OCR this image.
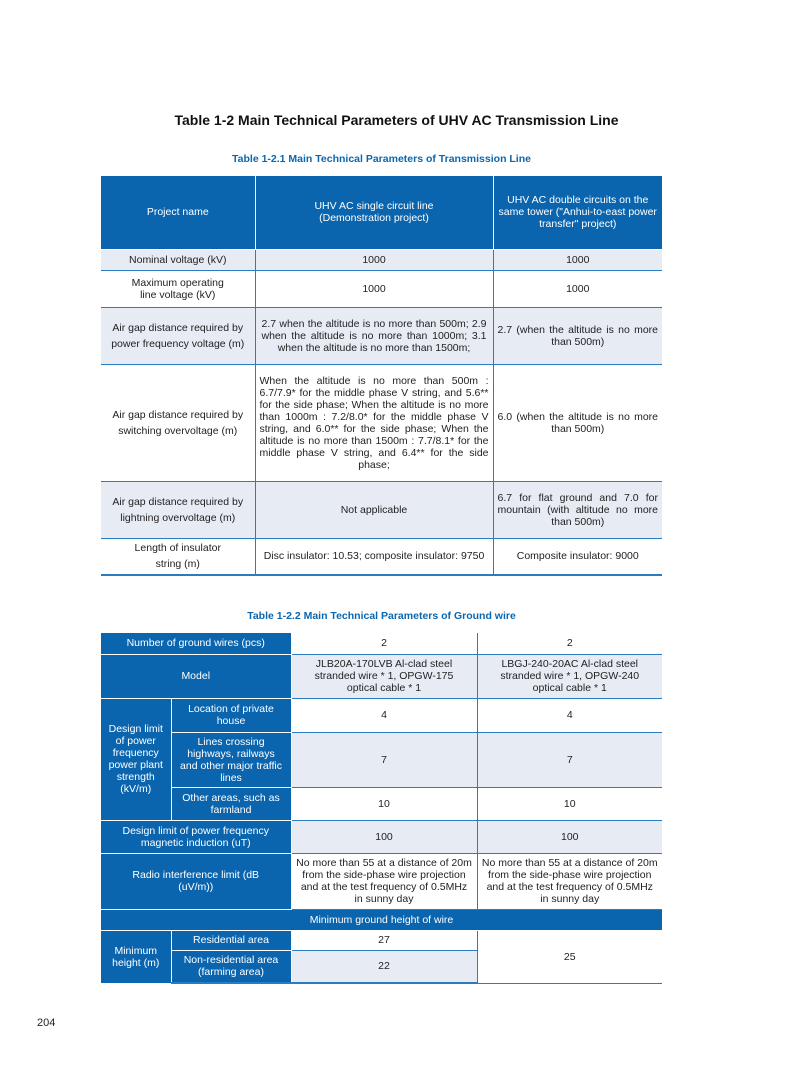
Table 1-2 Main Technical Parameters of UHV AC Transmission Line
Table 1-2.1 Main Technical Parameters of Transmission Line
Project name	UHV AC single circuit line (Demonstration project)	UHV AC double circuits on the same tower ("Anhui-to-east power transfer" project)
Nominal voltage (kV)	1000	1000
Maximum operating line voltage (kV)	1000	1000
Air gap distance required by power frequency voltage (m)	2.7 when the altitude is no more than 500m; 2.9 when the altitude is no more than 1000m; 3.1 when the altitude is no more than 1500m;	2.7 (when the altitude is no more than 500m)
Air gap distance required by switching overvoltage (m)	When the altitude is no more than 500m : 6.7/7.9* for the middle phase V string, and 5.6** for the side phase; When the altitude is no more than 1000m : 7.2/8.0* for the middle phase V string, and 6.0** for the side phase; When the altitude is no more than 1500m : 7.7/8.1* for the middle phase V string, and 6.4** for the side phase;	6.0 (when the altitude is no more than 500m)
Air gap distance required by lightning overvoltage (m)	Not applicable	6.7 for flat ground and 7.0 for mountain (with altitude no more than 500m)
Length of insulator string (m)	Disc insulator: 10.53; composite insulator: 9750	Composite insulator: 9000
Table 1-2.2 Main Technical Parameters of Ground wire
Number of ground wires (pcs)		2	2
Model		JLB20A-170LVB Al-clad steel stranded wire * 1, OPGW-175 optical cable * 1	LBGJ-240-20AC Al-clad steel stranded wire * 1, OPGW-240 optical cable * 1
Design limit of power frequency power plant strength (kV/m)	Location of private house	4	4
	Lines crossing highways, railways and other major traffic lines	7	7
	Other areas, such as farmland	10	10
Design limit of power frequency magnetic induction (uT)		100	100
Radio interference limit (dB (uV/m))		No more than 55 at a distance of 20m from the side-phase wire projection and at the test frequency of 0.5MHz in sunny day	No more than 55 at a distance of 20m from the side-phase wire projection and at the test frequency of 0.5MHz in sunny day
Minimum ground height of wire			
Minimum height (m)	Residential area	27	25
	Non-residential area (farming area)	22	
204
